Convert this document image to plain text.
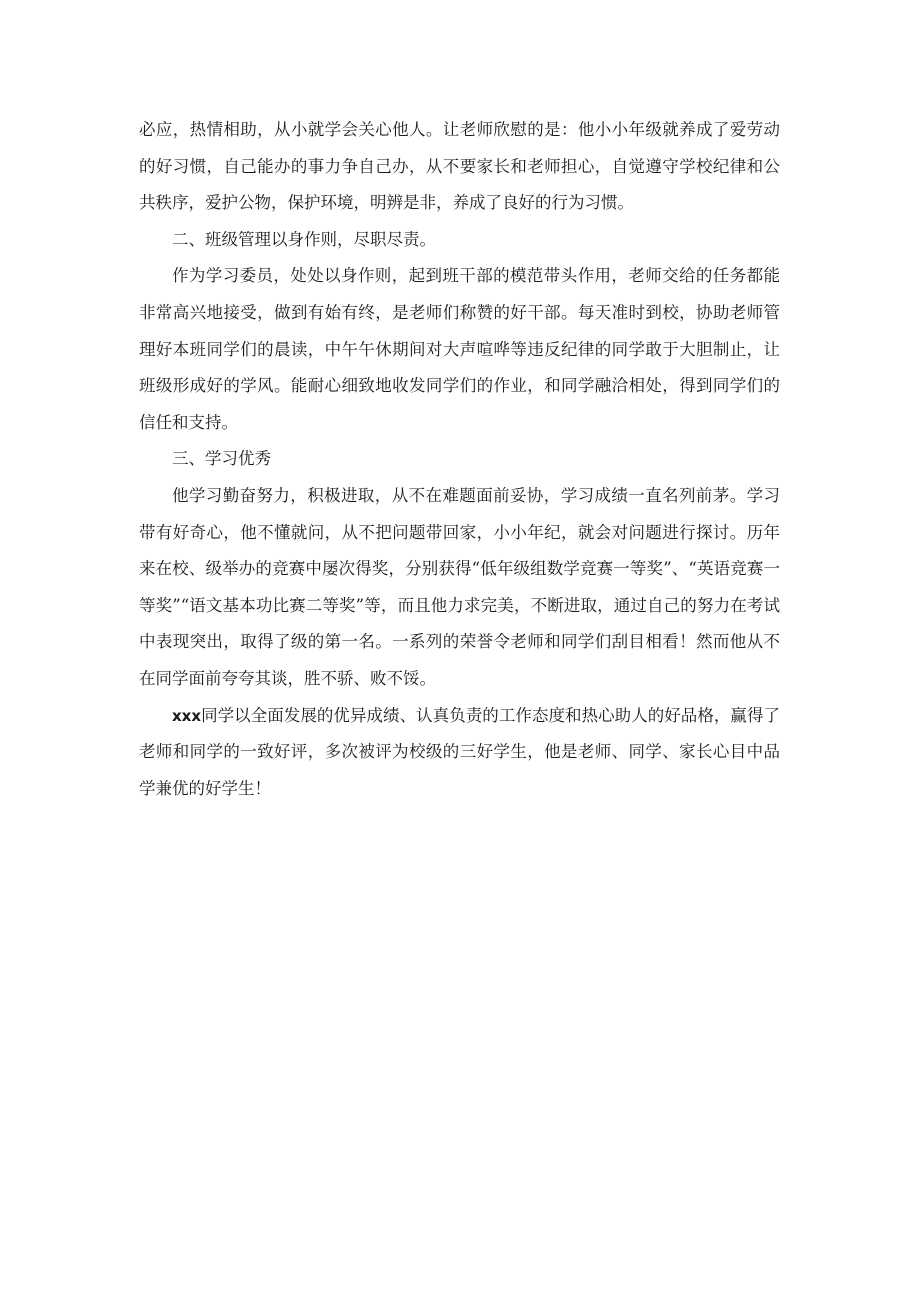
必应，热情相助，从小就学会关心他人。让老师欣慰的是：他小小年级就养成了爱劳动的好习惯，自己能办的事力争自己办，从不要家长和老师担心，自觉遵守学校纪律和公共秩序，爱护公物，保护环境，明辨是非，养成了良好的行为习惯。

二、班级管理以身作则，尽职尽责。

作为学习委员，处处以身作则，起到班干部的模范带头作用，老师交给的任务都能非常高兴地接受，做到有始有终，是老师们称赞的好干部。每天准时到校，协助老师管理好本班同学们的晨读，中午午休期间对大声喧哗等违反纪律的同学敢于大胆制止，让班级形成好的学风。能耐心细致地收发同学们的作业，和同学融洽相处，得到同学们的信任和支持。

三、学习优秀

他学习勤奋努力，积极进取，从不在难题面前妥协，学习成绩一直名列前茅。学习带有好奇心，他不懂就问，从不把问题带回家，小小年纪，就会对问题进行探讨。历年来在校、级举办的竞赛中屡次得奖，分别获得“低年级组数学竞赛一等奖”、“英语竞赛一等奖”“语文基本功比赛二等奖”等，而且他力求完美，不断进取，通过自己的努力在考试中表现突出，取得了级的第一名。一系列的荣誉令老师和同学们刮目相看！然而他从不在同学面前夸夸其谈，胜不骄、败不馁。

xxx同学以全面发展的优异成绩、认真负责的工作态度和热心助人的好品格，赢得了老师和同学的一致好评，多次被评为校级的三好学生，他是老师、同学、家长心目中品学兼优的好学生！
